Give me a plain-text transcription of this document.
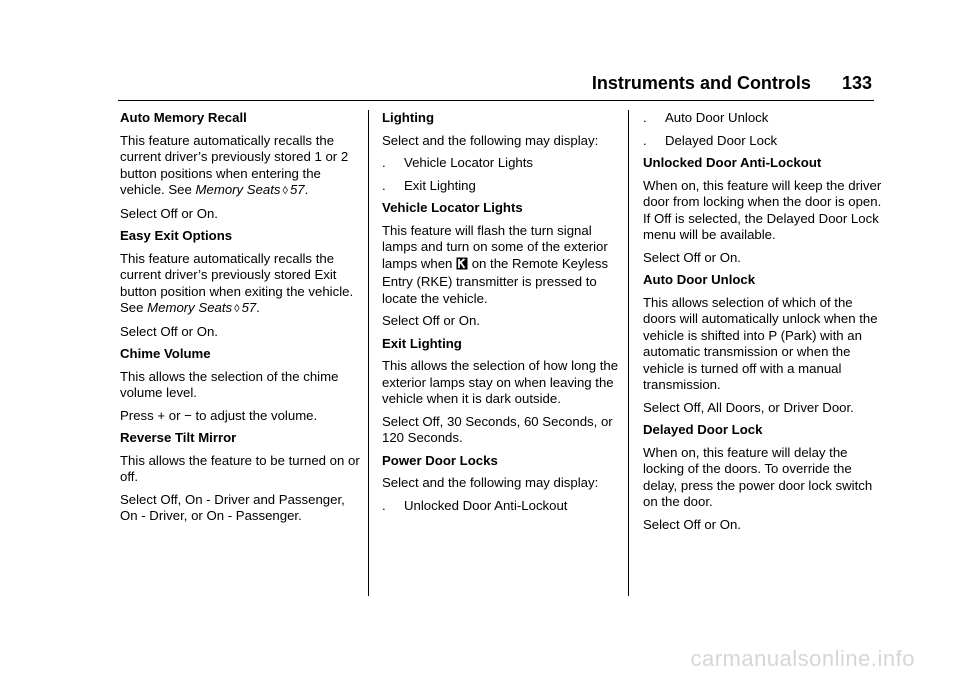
Instruments and Controls 133
Auto Memory Recall
This feature automatically recalls the current driver’s previously stored 1 or 2 button positions when entering the vehicle. See Memory Seats ◊ 57.
Select Off or On.
Easy Exit Options
This feature automatically recalls the current driver’s previously stored Exit button position when exiting the vehicle. See Memory Seats ◊ 57.
Select Off or On.
Chime Volume
This allows the selection of the chime volume level.
Press + or − to adjust the volume.
Reverse Tilt Mirror
This allows the feature to be turned on or off.
Select Off, On - Driver and Passenger, On - Driver, or On - Passenger.
Lighting
Select and the following may display:
.	Vehicle Locator Lights
.	Exit Lighting
Vehicle Locator Lights
This feature will flash the turn signal lamps and turn on some of the exterior lamps when on the Remote Keyless Entry (RKE) transmitter is pressed to locate the vehicle.
Select Off or On.
Exit Lighting
This allows the selection of how long the exterior lamps stay on when leaving the vehicle when it is dark outside.
Select Off, 30 Seconds, 60 Seconds, or 120 Seconds.
Power Door Locks
Select and the following may display:
.	Unlocked Door Anti-Lockout
.	Auto Door Unlock
.	Delayed Door Lock
Unlocked Door Anti-Lockout
When on, this feature will keep the driver door from locking when the door is open. If Off is selected, the Delayed Door Lock menu will be available.
Select Off or On.
Auto Door Unlock
This allows selection of which of the doors will automatically unlock when the vehicle is shifted into P (Park) with an automatic transmission or when the vehicle is turned off with a manual transmission.
Select Off, All Doors, or Driver Door.
Delayed Door Lock
When on, this feature will delay the locking of the doors. To override the delay, press the power door lock switch on the door.
Select Off or On.
carmanualsonline.info
